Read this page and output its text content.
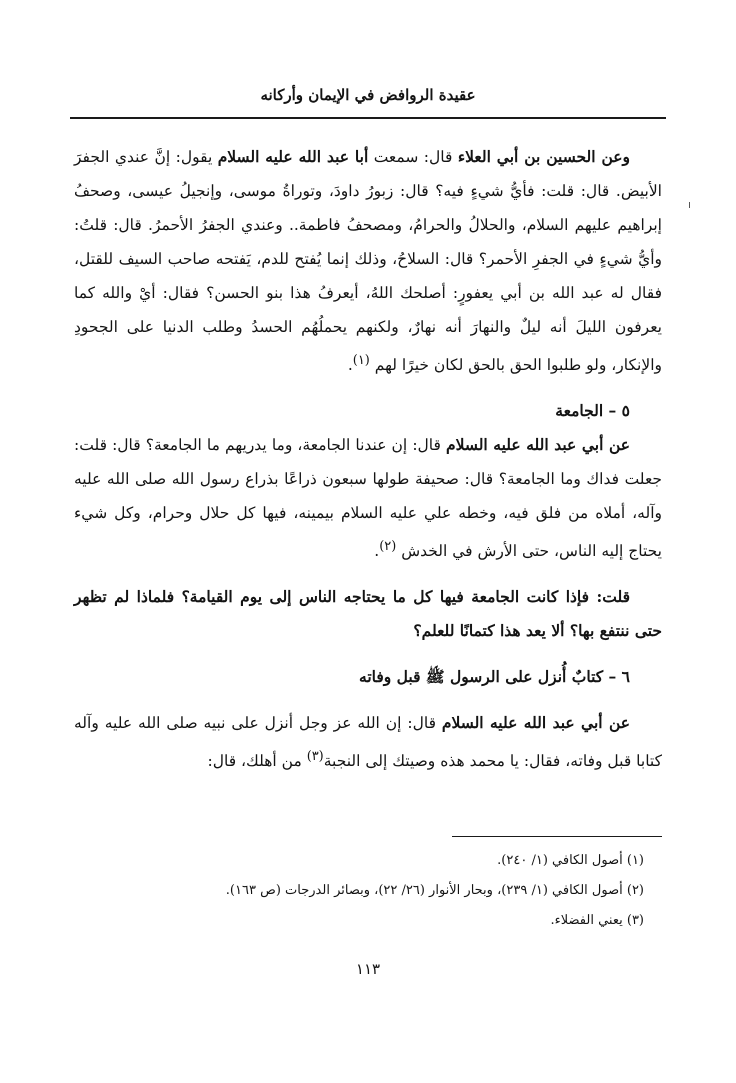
عقيدة الروافض في الإيمان وأركانه

وعن الحسين بن أبي العلاء قال: سمعت أبا عبد الله عليه السلام يقول: إنَّ عندي الجفرَ الأبيض. قال: قلت: فأيُّ شيءٍ فيه؟ قال: زبورُ داودَ، وتوراةُ موسى، وإنجيلُ عيسى، وصحفُ إبراهيم عليهم السلام، والحلالُ والحرامُ، ومصحفُ فاطمة.. وعندي الجفرُ الأحمرُ. قال: قلتُ: وأيُّ شيءٍ في الجفرِ الأحمر؟ قال: السلاحُ، وذلك إنما يُفتح للدم، يَفتحه صاحب السيف للقتل، فقال له عبد الله بن أبي يعفورٍ: أصلحك اللهُ، أيعرفُ هذا بنو الحسن؟ فقال: أيْ والله كما يعرفون الليلَ أنه ليلٌ والنهارَ أنه نهارٌ، ولكنهم يحملُهُم الحسدُ وطلب الدنيا على الجحودِ والإنكار، ولو طلبوا الحق بالحق لكان خيرًا لهم $^{(١)}$.

٥ – الجامعة

عن أبي عبد الله عليه السلام قال: إن عندنا الجامعة، وما يدريهم ما الجامعة؟ قال: قلت: جعلت فداك وما الجامعة؟ قال: صحيفة طولها سبعون ذراعًا بذراع رسول الله صلى الله عليه وآله، أملاه من فلق فيه، وخطه علي عليه السلام بيمينه، فيها كل حلال وحرام، وكل شيء يحتاج إليه الناس، حتى الأرش في الخدش $^{(٢)}$.

قلت: فإذا كانت الجامعة فيها كل ما يحتاجه الناس إلى يوم القيامة؟ فلماذا لم تظهر حتى ننتفع بها؟ ألا يعد هذا كتمانًا للعلم؟

٦ – كتابٌ أُنزل على الرسول ﷺ قبل وفاته

عن أبي عبد الله عليه السلام قال: إن الله عز وجل أنزل على نبيه صلى الله عليه وآله كتابا قبل وفاته، فقال: يا محمد هذه وصيتك إلى النجبة$^{(٣)}$ من أهلك، قال:

(١) أصول الكافي (١/ ٢٤٠).

(٢) أصول الكافي (١/ ٢٣٩)، وبحار الأنوار (٢٦/ ٢٢)، وبصائر الدرجات (ص ١٦٣).

(٣) يعني الفضلاء.

١١٣
